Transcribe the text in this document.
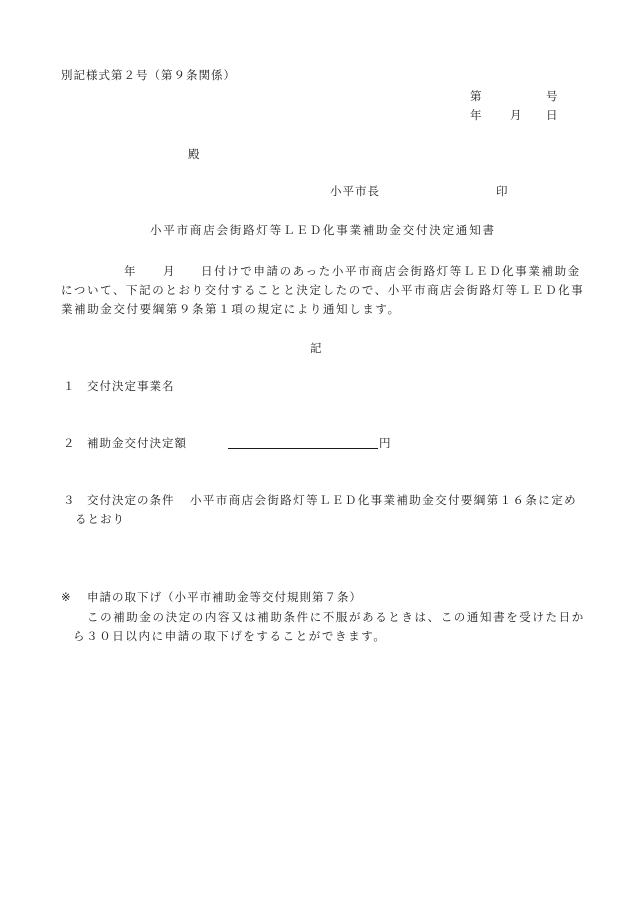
別記様式第２号（第９条関係）
第	号
年 月 日
殿
小平市長	印
小平市商店会街路灯等ＬＥＤ化事業補助金交付決定通知書
年 月 日付けで申請のあった小平市商店会街路灯等ＬＥＤ化事業補助金
について、下記のとおり交付することと決定したので、小平市商店会街路灯等ＬＥＤ化事
業補助金交付要綱第９条第１項の規定により通知します。
記
１ 交付決定事業名
２ 補助金交付決定額	円
３ 交付決定の条件 小平市商店会街路灯等ＬＥＤ化事業補助金交付要綱第１６条に定め
るとおり
※ 申請の取下げ（小平市補助金等交付規則第７条）
この補助金の決定の内容又は補助条件に不服があるときは、この通知書を受けた日か
ら３０日以内に申請の取下げをすることができます。
